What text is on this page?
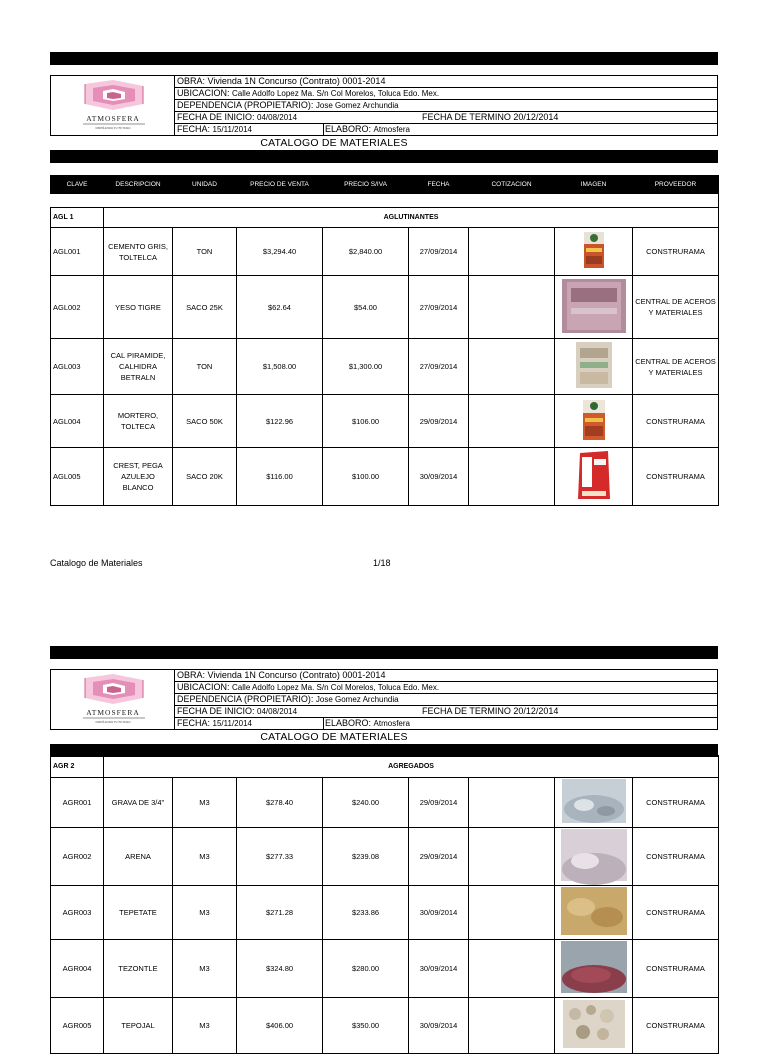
ATMOSFERA
DISEÑANDO TU FUTURO
OBRA: Vivienda 1N Concurso (Contrato) 0001-2014
UBICACION: Calle Adolfo Lopez Ma. S/n Col Morelos, Toluca Edo. Mex.
DEPENDENCIA (PROPIETARIO): Jose Gomez Archundia
FECHA DE INICIO: 04/08/2014	FECHA DE TERMINO 20/12/2014
FECHA: 15/11/2014	ELABORO: Atmosfera
CATALOGO DE MATERIALES
CLAVE	DESCRIPCION	UNIDAD	PRECIO DE VENTA	PRECIO S/IVA	FECHA	COTIZACION	IMAGEN	PROVEEDOR

AGL 1	AGLUTINANTES							
AGL001	CEMENTO GRIS, TOLTELCA	TON	$3,294.40	$2,840.00	27/09/2014			CONSTRURAMA
AGL002	YESO TIGRE	SACO 25K	$62.64	$54.00	27/09/2014			CENTRAL DE ACEROS Y MATERIALES
AGL003	CAL PIRAMIDE, CALHIDRA BETRALN	TON	$1,508.00	$1,300.00	27/09/2014			CENTRAL DE ACEROS Y MATERIALES
AGL004	MORTERO, TOLTECA	SACO 50K	$122.96	$106.00	29/09/2014			CONSTRURAMA
AGL005	CREST, PEGA AZULEJO BLANCO	SACO 20K	$116.00	$100.00	30/09/2014			CONSTRURAMA
Catalogo de Materiales	1/18
ATMOSFERA
DISEÑANDO TU FUTURO
OBRA: Vivienda 1N Concurso (Contrato) 0001-2014
UBICACION: Calle Adolfo Lopez Ma. S/n Col Morelos, Toluca Edo. Mex.
DEPENDENCIA (PROPIETARIO): Jose Gomez Archundia
FECHA DE INICIO: 04/08/2014	FECHA DE TERMINO 20/12/2014
FECHA: 15/11/2014	ELABORO: Atmosfera
CATALOGO DE MATERIALES
AGR 2	AGREGADOS							
AGR001	GRAVA DE 3/4"	M3	$278.40	$240.00	29/09/2014			CONSTRURAMA
AGR002	ARENA	M3	$277.33	$239.08	29/09/2014			CONSTRURAMA
AGR003	TEPETATE	M3	$271.28	$233.86	30/09/2014			CONSTRURAMA
AGR004	TEZONTLE	M3	$324.80	$280.00	30/09/2014			CONSTRURAMA
AGR005	TEPOJAL	M3	$406.00	$350.00	30/09/2014			CONSTRURAMA
